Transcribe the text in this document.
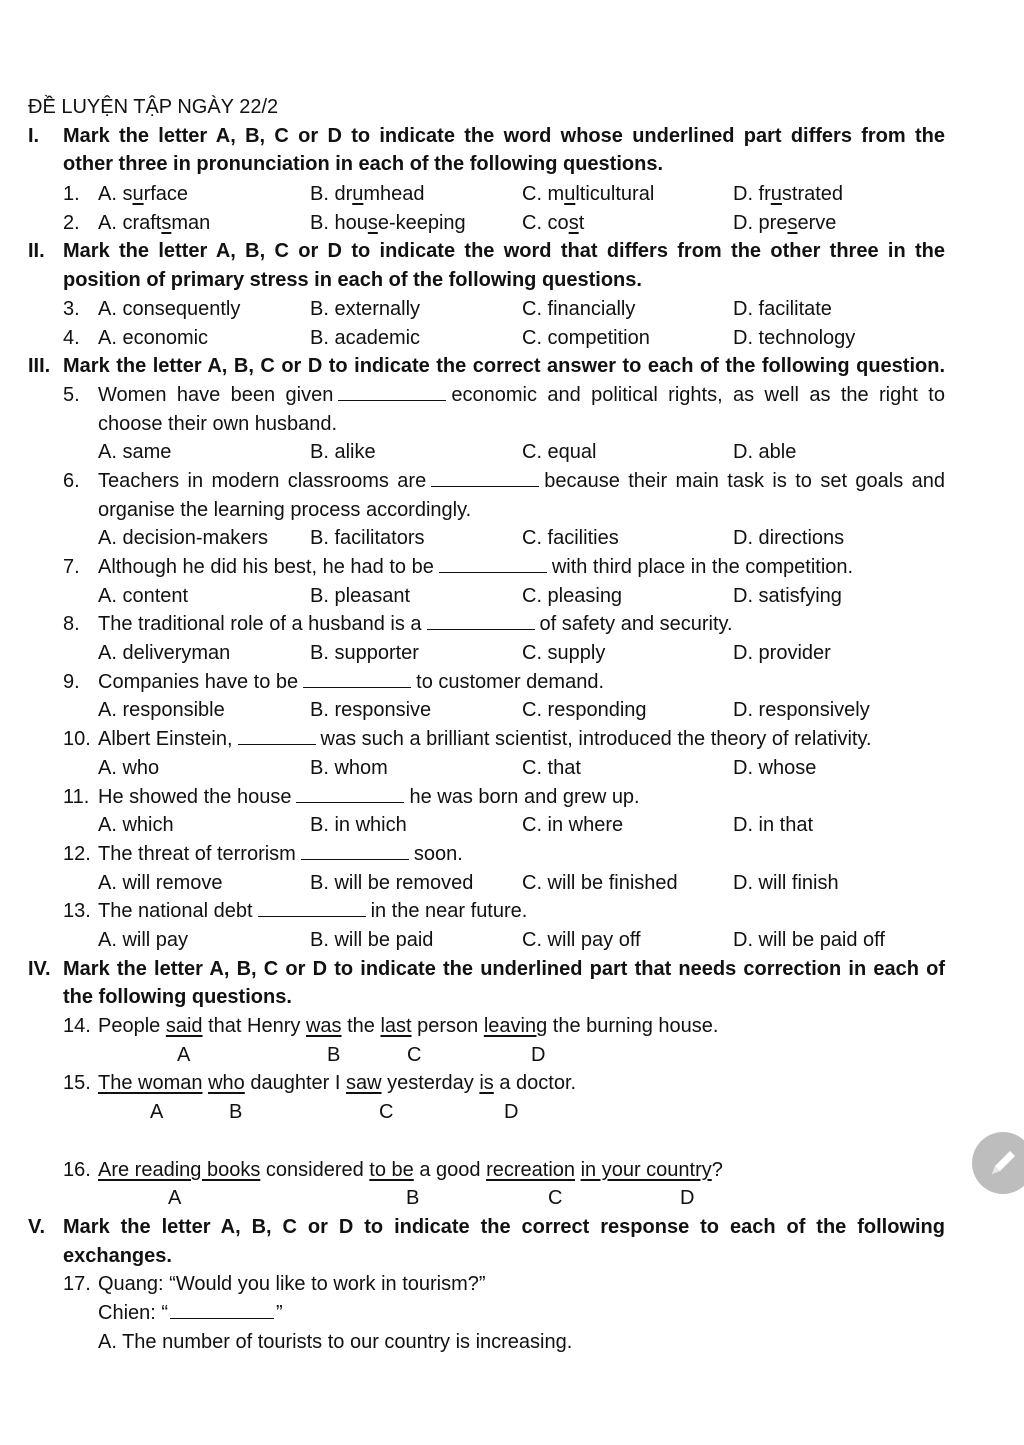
ĐỀ LUYỆN TẬP NGÀY 22/2
I. Mark the letter A, B, C or D to indicate the word whose underlined part differs from the
other three in pronunciation in each of the following questions.
1. A. surface	B. drumhead	C. multicultural	D. frustrated
2. A. craftsman	B. house-keeping	C. cost	D. preserve
II. Mark the letter A, B, C or D to indicate the word that differs from the other three in the
position of primary stress in each of the following questions.
3. A. consequently	B. externally	C. financially	D. facilitate
4. A. economic	B. academic	C. competition	D. technology
III. Mark the letter A, B, C or D to indicate the correct answer to each of the following question.
5. Women have been given	economic and political rights, as well as the right to
choose their own husband.
A. same	B. alike	C. equal	D. able
6. Teachers in modern classrooms are	because their main task is to set goals and
organise the learning process accordingly.
A. decision-makers B. facilitators	C. facilities	D. directions
7. Although he did his best, he had to be	with third place in the competition.
A. content	B. pleasant	C. pleasing	D. satisfying
8. The traditional role of a husband is a	of safety and security.
A. deliveryman	B. supporter	C. supply	D. provider
9. Companies have to be	to customer demand.
A. responsible	B. responsive	C. responding	D. responsively
10. Albert Einstein,	was such a brilliant scientist, introduced the theory of relativity.
A. who	B. whom	C. that	D. whose
11. He showed the house	he was born and grew up.
A. which	B. in which	C. in where	D. in that
12. The threat of terrorism	soon.
A. will remove	B. will be removed C. will be finished	D. will finish
13. The national debt	in the near future.
A. will pay	B. will be paid	C. will pay off	D. will be paid off
IV. Mark the letter A, B, C or D to indicate the underlined part that needs correction in each of
the following questions.
14. People said that Henry was the last person leaving the burning house.
A	B	C	D
15. The woman who daughter I saw yesterday is a doctor.
A	B	C	D
16. Are reading books considered to be a good recreation in your country?
A	B	C	D
V. Mark the letter A, B, C or D to indicate the correct response to each of the following
exchanges.
17. Quang: “Would you like to work in tourism?”
Chien: “	”
A. The number of tourists to our country is increasing.
